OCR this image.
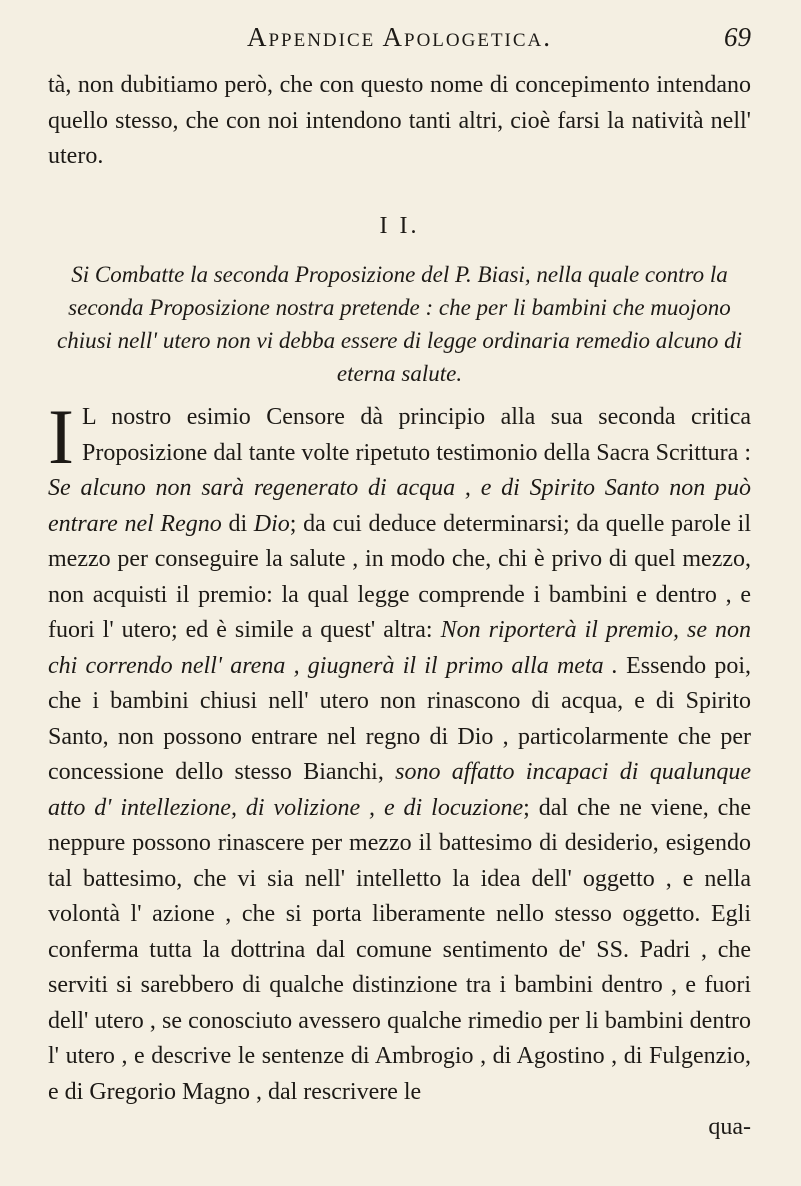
Appendice Apologetica.	69

tà, non dubitiamo però, che con questo nome di concepimento intendano quello stesso, che con noi intendono tanti altri, cioè farsi la natività nell' utero.

I I.
Si Combatte la seconda Proposizione del P. Biasi, nella quale contro la seconda Proposizione nostra pretende : che per li bambini che muojono chiusi nell' utero non vi debba essere di legge ordinaria remedio alcuno di eterna salute.

I L nostro esimio Censore dà principio alla sua seconda critica Proposizione dal tante volte ripetuto testimonio della Sacra Scrittura : Se alcuno non sarà regenerato di acqua , e di Spirito Santo non può entrare nel Regno di Dio; da cui deduce determinarsi; da quelle parole il mezzo per conseguire la salute , in modo che, chi è privo di quel mezzo, non acquisti il premio: la qual legge comprende i bambini e dentro , e fuori l' utero; ed è simile a quest' altra: Non riporterà il premio, se non chi correndo nell' arena , giugnerà il il primo alla meta . Essendo poi, che i bambini chiusi nell' utero non rinascono di acqua, e di Spirito Santo, non possono entrare nel regno di Dio , particolarmente che per concessione dello stesso Bianchi, sono affatto incapaci di qualunque atto d' intellezione, di volizione , e di locuzione; dal che ne viene, che neppure possono rinascere per mezzo il battesimo di desiderio, esigendo tal battesimo, che vi sia nell' intelletto la idea dell' oggetto , e nella volontà l' azione , che si porta liberamente nello stesso oggetto. Egli conferma tutta la dottrina dal comune sentimento de' SS. Padri , che serviti si sarebbero di qualche distinzione tra i bambini dentro , e fuori dell' utero , se conosciuto avessero qualche rimedio per li bambini dentro l' utero , e descrive le sentenze di Ambrogio , di Agostino , di Fulgenzio, e di Gregorio Magno , dal rescrivere le

qua-
